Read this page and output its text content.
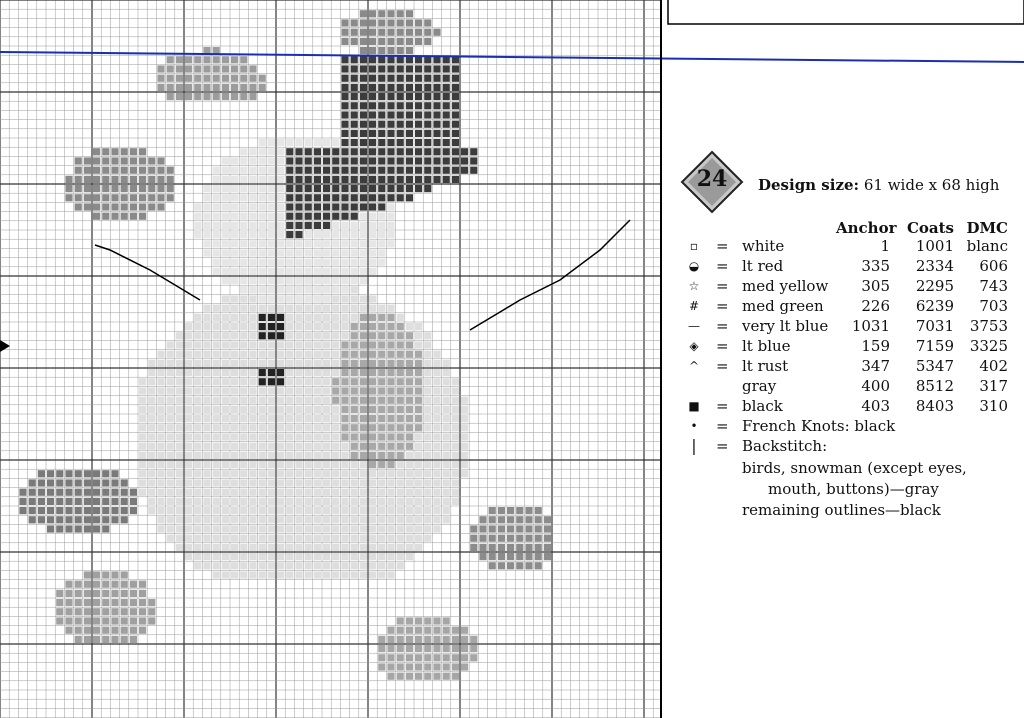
24	Design size: 61 wide x 68 high
Anchor Coats DMC
▫ = white	1	1001 blanc
◒ = lt red	335	2334	606
☆ = med yellow	305	2295	743
# = med green	226	6239	703
— = very lt blue	1031	7031	3753
◈ = lt blue	159	7159	3325
^ = lt rust	347	5347	402
gray	400	8512	317
■ = black	403	8403	310
• = French Knots: black
|	= Backstitch:
birds, snowman (except eyes,
mouth, buttons)—gray
remaining outlines—black
